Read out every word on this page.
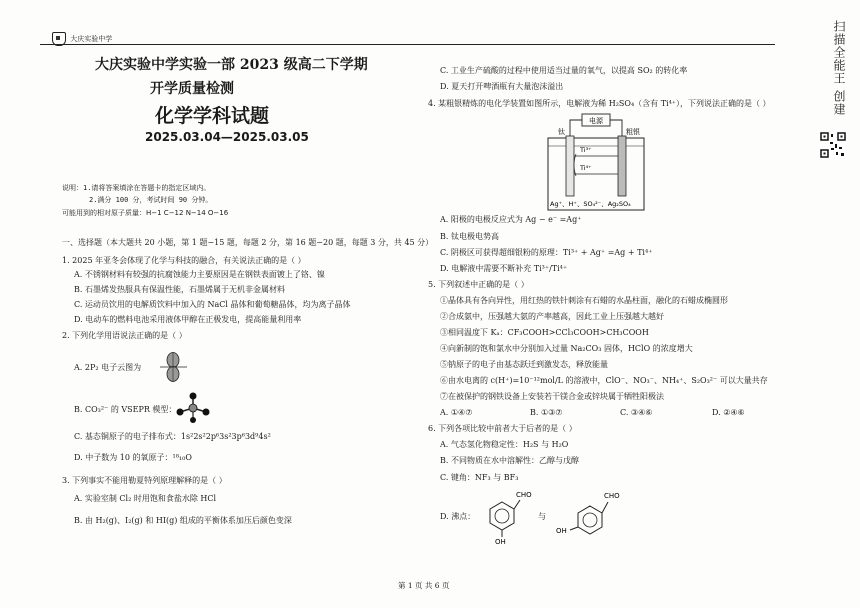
大庆实验中学
大庆实验中学实验一部 2023 级高二下学期
开学质量检测
化学学科试题
2025.03.04—2025.03.05
说明：1.请将答案填涂在答题卡的指定区域内。
2.满分 100 分，考试时间 90 分钟。
可能用到的相对原子质量：H−1 C−12 N−14 O−16
一、选择题（本大题共 20 小题，第 1 题−15 题，每题 2 分，第 16 题−20 题，每题 3 分，共 45 分）
1. 2025 年亚冬会体现了化学与科技的融合，有关说法正确的是（ ）
A. 不锈钢材料有较强的抗腐蚀能力主要原因是在钢铁表面镀上了铬、镍
B. 石墨烯发热服具有保温性能，石墨烯属于无机非金属材料
C. 运动员饮用的电解质饮料中加入的 NaCl 晶体和葡萄糖晶体，均为离子晶体
D. 电动车的燃料电池采用液体甲醇在正极发电，提高能量利用率
2. 下列化学用语说法正确的是（ ）
A. 2P₂ 电子云图为
B. CO₃²⁻ 的 VSEPR 模型：
C. 基态铜原子的电子排布式：1s²2s²2p⁶3s²3p⁶3d⁹4s²
D. 中子数为 10 的氧原子：¹⁸₁₀O
3. 下列事实不能用勒夏特列原理解释的是（ ）
A. 实验室制 Cl₂ 时用饱和食盐水除 HCl
B. 由 H₂(g)、I₂(g) 和 HI(g) 组成的平衡体系加压后颜色变深
C. 工业生产硫酸的过程中使用适当过量的氧气，以提高 SO₂ 的转化率
D. 夏天打开啤酒瓶有大量泡沫溢出
4. 某粗银精炼的电化学装置如图所示，电解液为稀 H₂SO₄（含有 Ti⁴⁺），下列说法正确的是（ ）
电源
钛	粗银
Ti³⁺
Ti⁴⁺
Ag⁺、H⁺、SO₄²⁻、Ag₂SO₄
A. 阳极的电极反应式为 Ag − e⁻ =Ag⁺
B. 钛电极电势高
C. 阴极区可获得超细银粉的原理：Ti³⁺ + Ag⁺ =Ag + Ti⁴⁺
D. 电解液中需要不断补充 Ti³⁺/Ti⁴⁺
5. 下列叙述中正确的是（ ）
①晶体具有各向异性，用红热的铁针刺涂有石蜡的水晶柱面，融化的石蜡成椭圆形
②合成氨中，压强越大氨的产率越高，因此工业上压强越大越好
③相同温度下 Kₐ：CF₃COOH>CCl₃COOH>CH₃COOH
④向新制的饱和氯水中分别加入过量 Na₂CO₃ 固体，HClO 的浓度增大
⑤钠原子的电子由基态跃迁到激发态，释放能量
⑥由水电离的 c(H⁺)=10⁻¹²mol/L 的溶液中，ClO⁻、NO₃⁻、NH₄⁺、S₂O₃²⁻ 可以大量共存
⑦在被保护的钢铁设备上安装若干镁合金或锌块属于牺牲阳极法
A. ①④⑦	B. ①③⑦	C. ③④⑥	D. ②④⑥
6. 下列各项比较中前者大于后者的是（ ）
A. 气态氢化物稳定性：H₂S 与 H₂O
B. 不同物质在水中溶解性：乙醇与戊醇
C. 键角：NF₃ 与 BF₃
D. 沸点：
CHO
OH
与
CHO
OH
第 1 页 共 6 页
扫描全能王 创建
